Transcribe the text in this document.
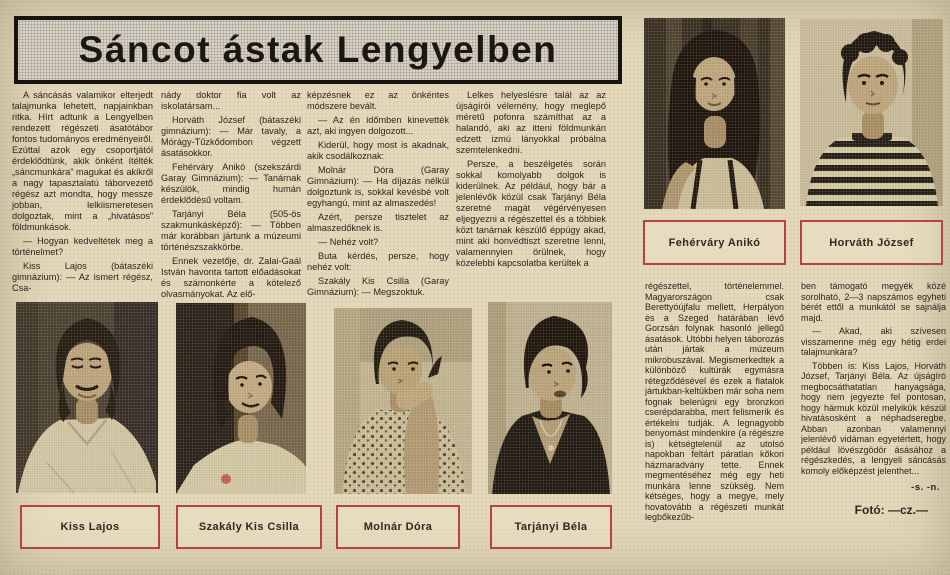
Sáncot ástak Lengyelben

A sáncásás valamikor elterjedt talajmunka lehetett, napjainkban ritka. Hírt adtunk a Lengyelben rendezett régészeti ásatótábor fontos tudományos eredményeiről. Ezúttal azok egy csoportjától érdeklődtünk, akik önként ítélték „sáncmunkára” magukat és akikről a nagy tapasztalatú táborvezető régész azt mondta, hogy messze jobban, lelkiismeretesen dolgoztak, mint a „hivatásos” földmunkások.

— Hogyan kedveltétek meg a történelmet?

Kiss Lajos (bátaszéki gimnázium): — Az ismert régész, Csa-

nády doktor fia volt az iskolatársam...

Horváth József (bátaszéki gimnázium): — Már tavaly, a Mórágy-Tűzkődombon végzett ásatásokkor.

Fehérváry Anikó (szekszárdi Garay Gimnázium): — Tanárnak készülök, mindig humán érdeklődésű voltam.

Tarjányi Béla (505-ös szakmunkásképző): — Többen már korábban jártunk a múzeumi történészszakkörbe.

Ennek vezetője, dr. Zalai-Gaál István havonta tartott előadásokat és számonkérte a kötelező olvasmányokat. Az elő-

képzésnek ez az önkéntes módszere bevált.

— Az én időmben kinevették azt, aki ingyen dolgozott...

Kiderül, hogy most is akadnak, akik csodálkoznak:

Molnár Dóra (Garay Gimnázium): — Ha díjazás nélkül dolgoztunk is, sokkal kevésbé volt egyhangú, mint az almaszedés!

Azért, persze tisztelet az almaszedőknek is.

— Nehéz volt?

Buta kérdés, persze, hogy nehéz volt:

Szakály Kis Csilla (Garay Gimnázium): — Megszoktuk.

Lelkes helyeslésre talál az az újságírói vélemény, hogy meglepő méretű pofonra számíthat az a halandó, aki az itteni földmunkán edzett izmú lányokkal próbálna szemtelenkedni.

Persze, a beszélgetés során sokkal komolyabb dolgok is kiderülnek. Az például, hogy bár a jelenlévők közül csak Tarjányi Béla szeretné magát végérvényesen eljegyezni a régészettel és a többiek közt tanárnak készülő éppúgy akad, mint aki honvédtiszt szeretne lenni, valamennyien örülnek, hogy közelebbi kapcsolatba kerültek a

Fehérváry Anikó	Horváth József

régészettel, történelemmel. Magyarországon csak Berettyóújfalu mellett, Herpályon és a Szeged határában lévő Gorzsán folynak hasonló jellegű ásatások. Utóbbi helyen táborozás után jártak a múzeum mikrobuszával. Megismerkedtek a különböző kultúrák egymásra rétegződésével és ezek a fiatalok jártukban-keltükben már soha nem fognak belerúgni egy bronzkori cserépdarabba, mert felismerik és értékelni tudják. A legnagyobb benyomást mindenkire (a régészre is) kétségtelenül az utolsó napokban feltárt páratlan kőkori házmaradvány tette. Ennek megmentéséhez még egy heti munkára lenne szükség. Nem kétséges, hogy a megye, mely hovatovább a régészeti munkát legbőkezűb-

ben támogató megyék közé sorolható, 2—3 napszámos egyheti bérét ettől a munkától se sajnálja majd.

— Akad, aki szívesen visszamenne még egy hétig erdei talajmunkára?

Többen is: Kiss Lajos, Horváth József, Tarjányi Béla. Az újságíró megbocsáthatatlan hanyagsága, hogy nem jegyezte fel pontosan, hogy hármuk közül melyikük készül hivatásosként a néphadseregbe. Abban azonban valamennyi jelenlévő vidáman egyetértett, hogy például lövészgödör ásásához a régészkedés, a lengyeli sáncásás komoly előképzést jelenthet...

-s. -n.
Fotó: —cz.—
Kiss Lajos	Szakály Kis Csilla	Molnár Dóra	Tarjányi Béla
